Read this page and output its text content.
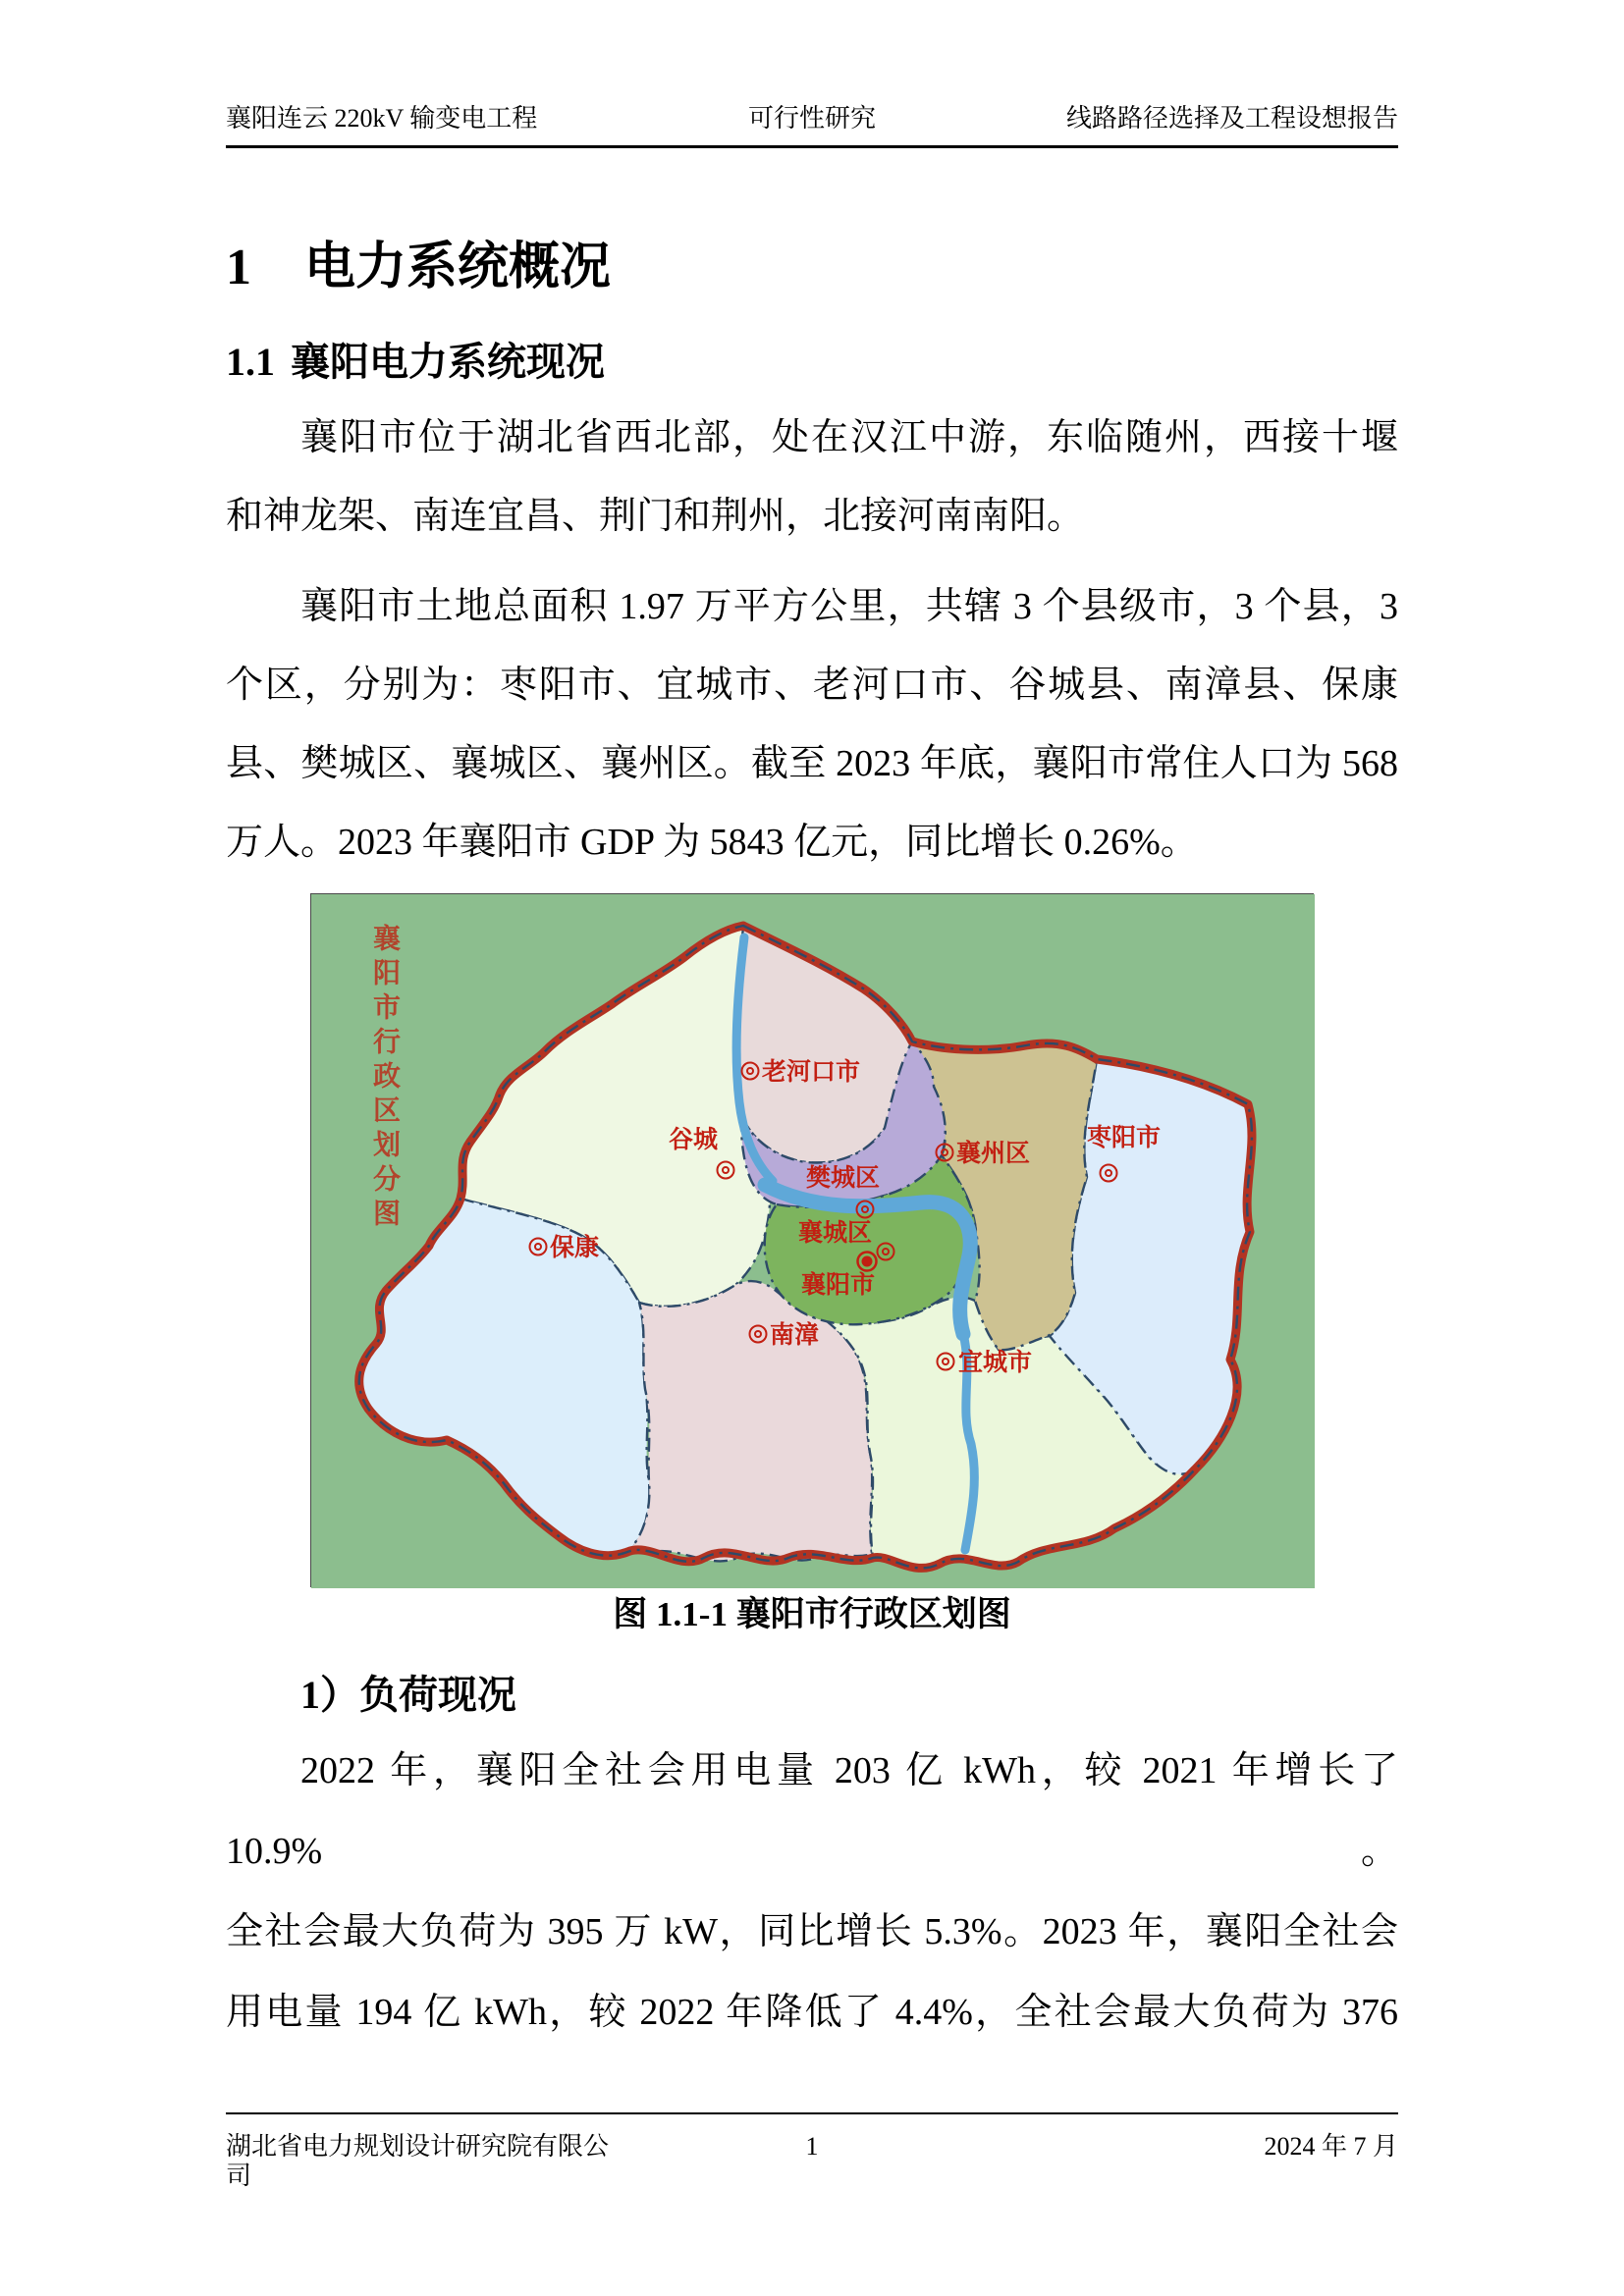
襄阳连云 220kV 输变电工程	可行性研究	线路路径选择及工程设想报告
1 电力系统概况
1.1 襄阳电力系统现况
襄阳市位于湖北省西北部，处在汉江中游，东临随州，西接十堰
和神龙架、南连宜昌、荆门和荆州，北接河南南阳。
襄阳市土地总面积 1.97 万平方公里，共辖 3 个县级市，3 个县，3
个区，分别为：枣阳市、宜城市、老河口市、谷城县、南漳县、保康
县、樊城区、襄城区、襄州区。截至 2023 年底，襄阳市常住人口为 568
万人。2023 年襄阳市 GDP 为 5843 亿元，同比增长 0.26%。
老河口市
谷城
樊城区
襄城区
襄州区
枣阳市
宜城市
保康
南漳
襄阳市
襄阳市行政区划分图
图 1.1-1 襄阳市行政区划图
1）负荷现况
2022 年，襄阳全社会用电量 203 亿 kWh，较 2021 年增长了 10.9%。
全社会最大负荷为 395 万 kW，同比增长 5.3%。2023 年，襄阳全社会
用电量 194 亿 kWh，较 2022 年降低了 4.4%，全社会最大负荷为 376
湖北省电力规划设计研究院有限公司
1	2024 年 7 月
